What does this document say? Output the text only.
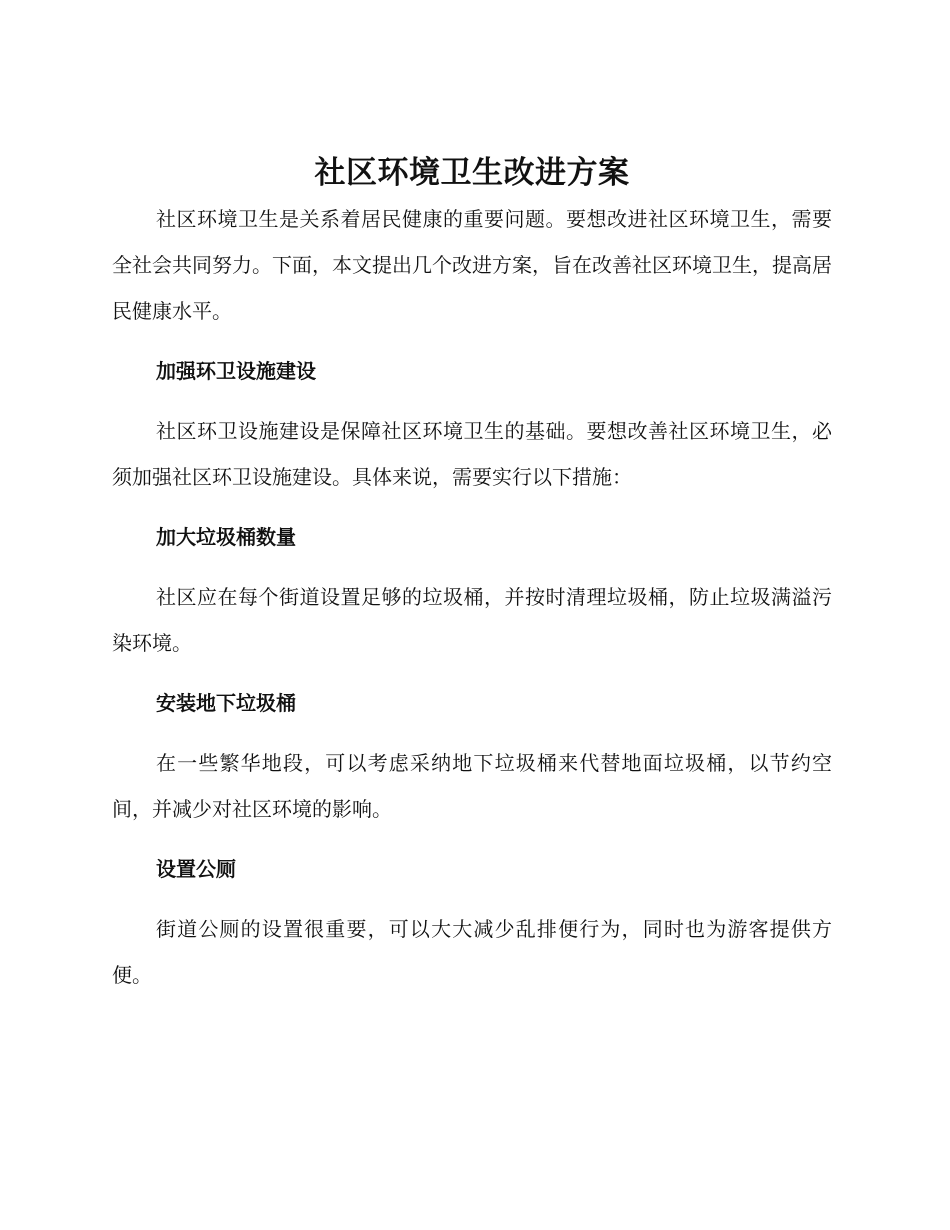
社区环境卫生改进方案

社区环境卫生是关系着居民健康的重要问题。要想改进社区环境卫生，需要全社会共同努力。下面，本文提出几个改进方案，旨在改善社区环境卫生，提高居民健康水平。

加强环卫设施建设

社区环卫设施建设是保障社区环境卫生的基础。要想改善社区环境卫生，必须加强社区环卫设施建设。具体来说，需要实行以下措施：

加大垃圾桶数量

社区应在每个街道设置足够的垃圾桶，并按时清理垃圾桶，防止垃圾满溢污染环境。

安装地下垃圾桶

在一些繁华地段，可以考虑采纳地下垃圾桶来代替地面垃圾桶，以节约空间，并减少对社区环境的影响。

设置公厕

街道公厕的设置很重要，可以大大减少乱排便行为，同时也为游客提供方便。
